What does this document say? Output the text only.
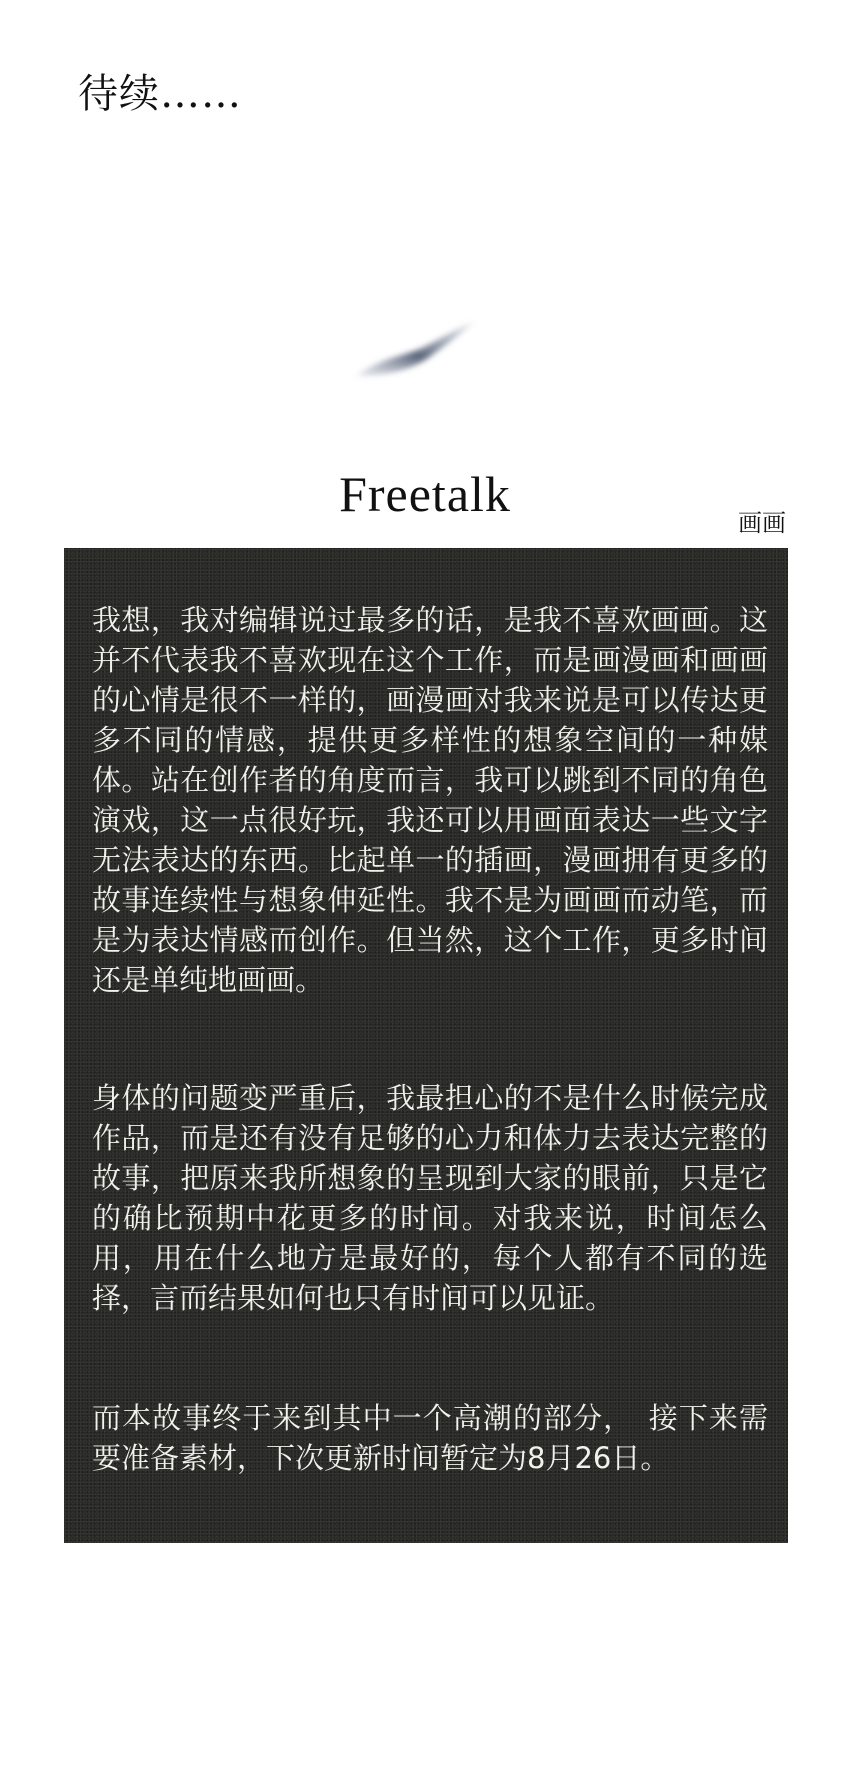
待续……
Freetalk
画画

我想，我对编辑说过最多的话，是我不喜欢画画。这并不代表我不喜欢现在这个工作，而是画漫画和画画的心情是很不一样的，画漫画对我来说是可以传达更多不同的情感，提供更多样性的想象空间的一种媒体。站在创作者的角度而言，我可以跳到不同的角色演戏，这一点很好玩，我还可以用画面表达一些文字无法表达的东西。比起单一的插画，漫画拥有更多的故事连续性与想象伸延性。我不是为画画而动笔，而是为表达情感而创作。但当然，这个工作，更多时间还是单纯地画画。

身体的问题变严重后，我最担心的不是什么时候完成作品，而是还有没有足够的心力和体力去表达完整的故事，把原来我所想象的呈现到大家的眼前，只是它的确比预期中花更多的时间。对我来说，时间怎么用，用在什么地方是最好的，每个人都有不同的选择，言而结果如何也只有时间可以见证。

而本故事终于来到其中一个高潮的部分，　接下来需要准备素材，下次更新时间暂定为8月26日。
